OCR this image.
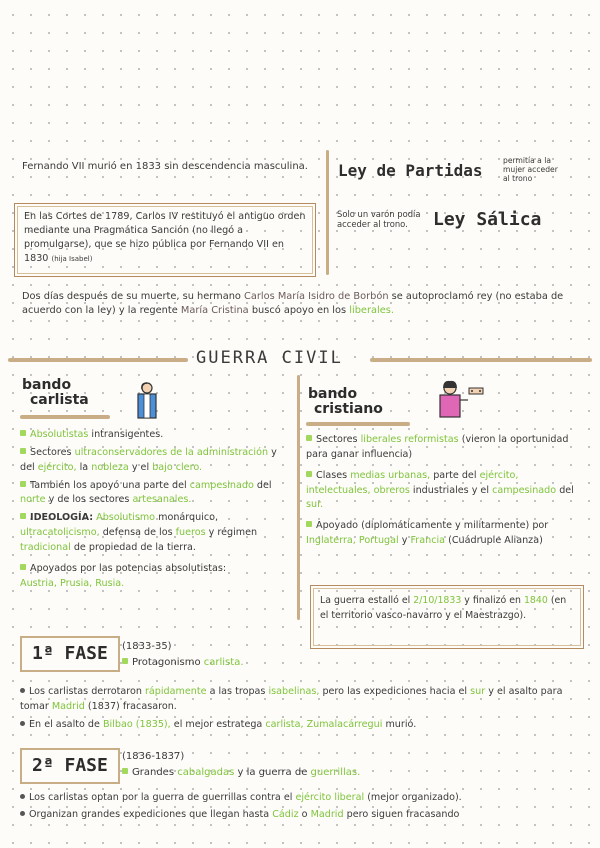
Fernando VII murió en 1833 sin descendencia masculina.
En las Cortes de 1789, Carlos IV restituyó el antiguo orden mediante una Pragmática Sanción (no llegó a promulgarse), que se hizo pública por Fernando VII en 1830 (hija Isabel)
Ley de Partidas
permitía a la mujer acceder al trono
Solo un varón podía acceder al trono.	Ley Sálica
Dos días después de su muerte, su hermano Carlos María Isidro de Borbón se autoproclamó rey (no estaba de acuerdo con la ley) y la regente María Cristina buscó apoyo en los liberales.
GUERRA CIVIL
bando
carlista
Absolutistas intransigentes.
Sectores ultraconservadores de la administración y del ejército, la nobleza y el bajo clero.
También los apoyó una parte del campesinado del norte y de los sectores artesanales.
IDEOLOGÍA: Absolutismo monárquico, ultracatolicismo, defensa de los fueros y régimen tradicional de propiedad de la tierra.
Apoyados por las potencias absolutistas:
Austria, Prusia, Rusia.
bando
cristiano
Sectores liberales reformistas (vieron la oportunidad para ganar influencia)
Clases medias urbanas, parte del ejército, intelectuales, obreros industriales y el campesinado del sur.
Apoyado (diplomáticamente y militarmente) por Inglaterra, Portugal y Francia (Cuádruple Alianza)
La guerra estalló el 2/10/1833 y finalizó en 1840 (en el territorio vasco-navarro y el Maestrazgo).
1ª FASE	(1833-35)
Protagonismo carlista.
Los carlistas derrotaron rápidamente a las tropas isabelinas, pero las expediciones hacia el sur y el asalto para tomar Madrid (1837) fracasaron.
En el asalto de Bilbao (1835), el mejor estratega carlista, Zumalacárregui murió.
2ª FASE	(1836-1837)
Grandes cabalgadas y la guerra de guerrillas.
Los carlistas optan por la guerra de guerrillas contra el ejército liberal (mejor organizado).
Organizan grandes expediciones que llegan hasta Cádiz o Madrid pero siguen fracasando
